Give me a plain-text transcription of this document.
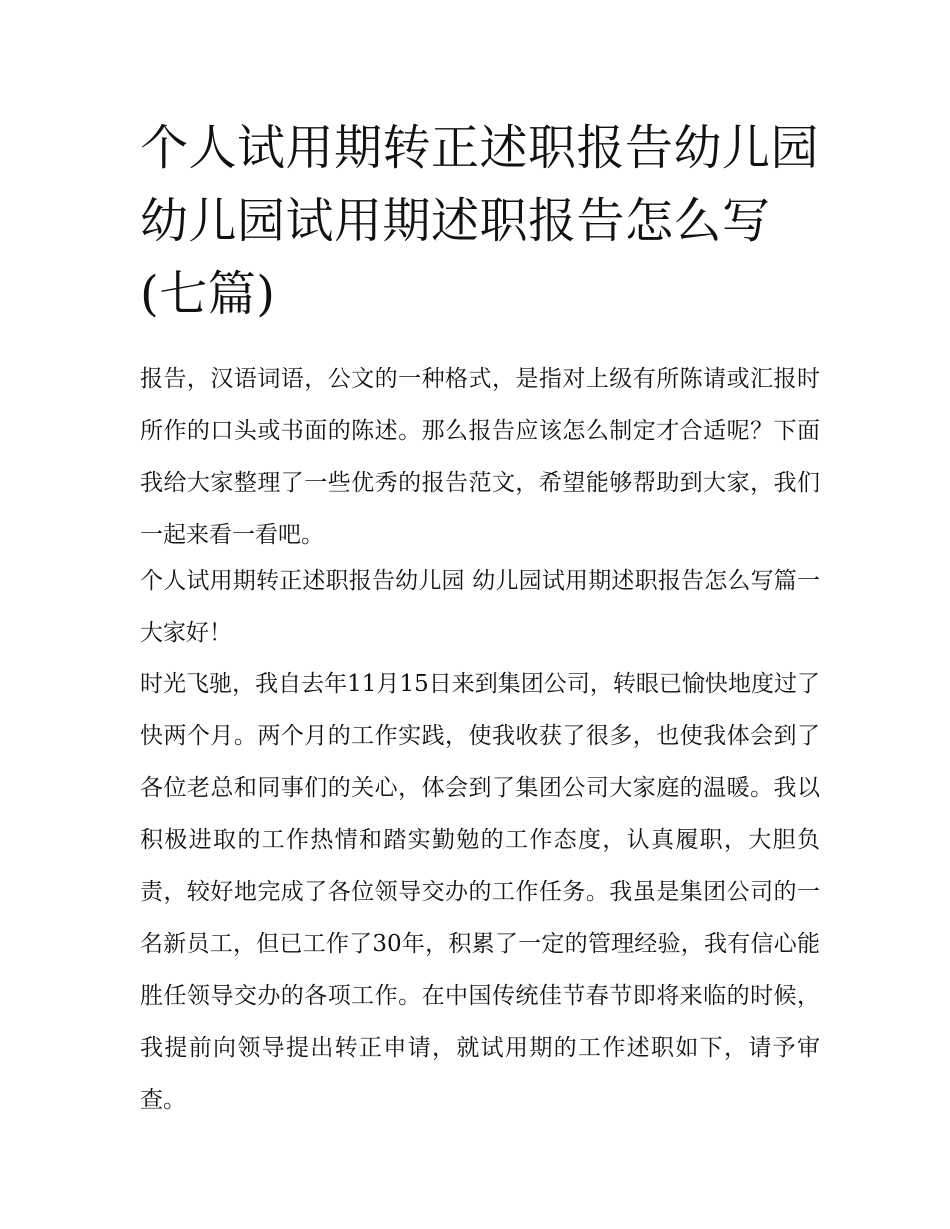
个人试用期转正述职报告幼儿园 幼儿园试用期述职报告怎么写(七篇)

报告，汉语词语，公文的一种格式，是指对上级有所陈请或汇报时所作的口头或书面的陈述。那么报告应该怎么制定才合适呢？下面我给大家整理了一些优秀的报告范文，希望能够帮助到大家，我们一起来看一看吧。

个人试用期转正述职报告幼儿园 幼儿园试用期述职报告怎么写篇一 大家好！

时光飞驰，我自去年11月15日来到集团公司，转眼已愉快地度过了快两个月。两个月的工作实践，使我收获了很多，也使我体会到了各位老总和同事们的关心，体会到了集团公司大家庭的温暖。我以积极进取的工作热情和踏实勤勉的工作态度，认真履职，大胆负责，较好地完成了各位领导交办的工作任务。我虽是集团公司的一名新员工，但已工作了30年，积累了一定的管理经验，我有信心能胜任领导交办的各项工作。在中国传统佳节春节即将来临的时候，我提前向领导提出转正申请，就试用期的工作述职如下，请予审查。
